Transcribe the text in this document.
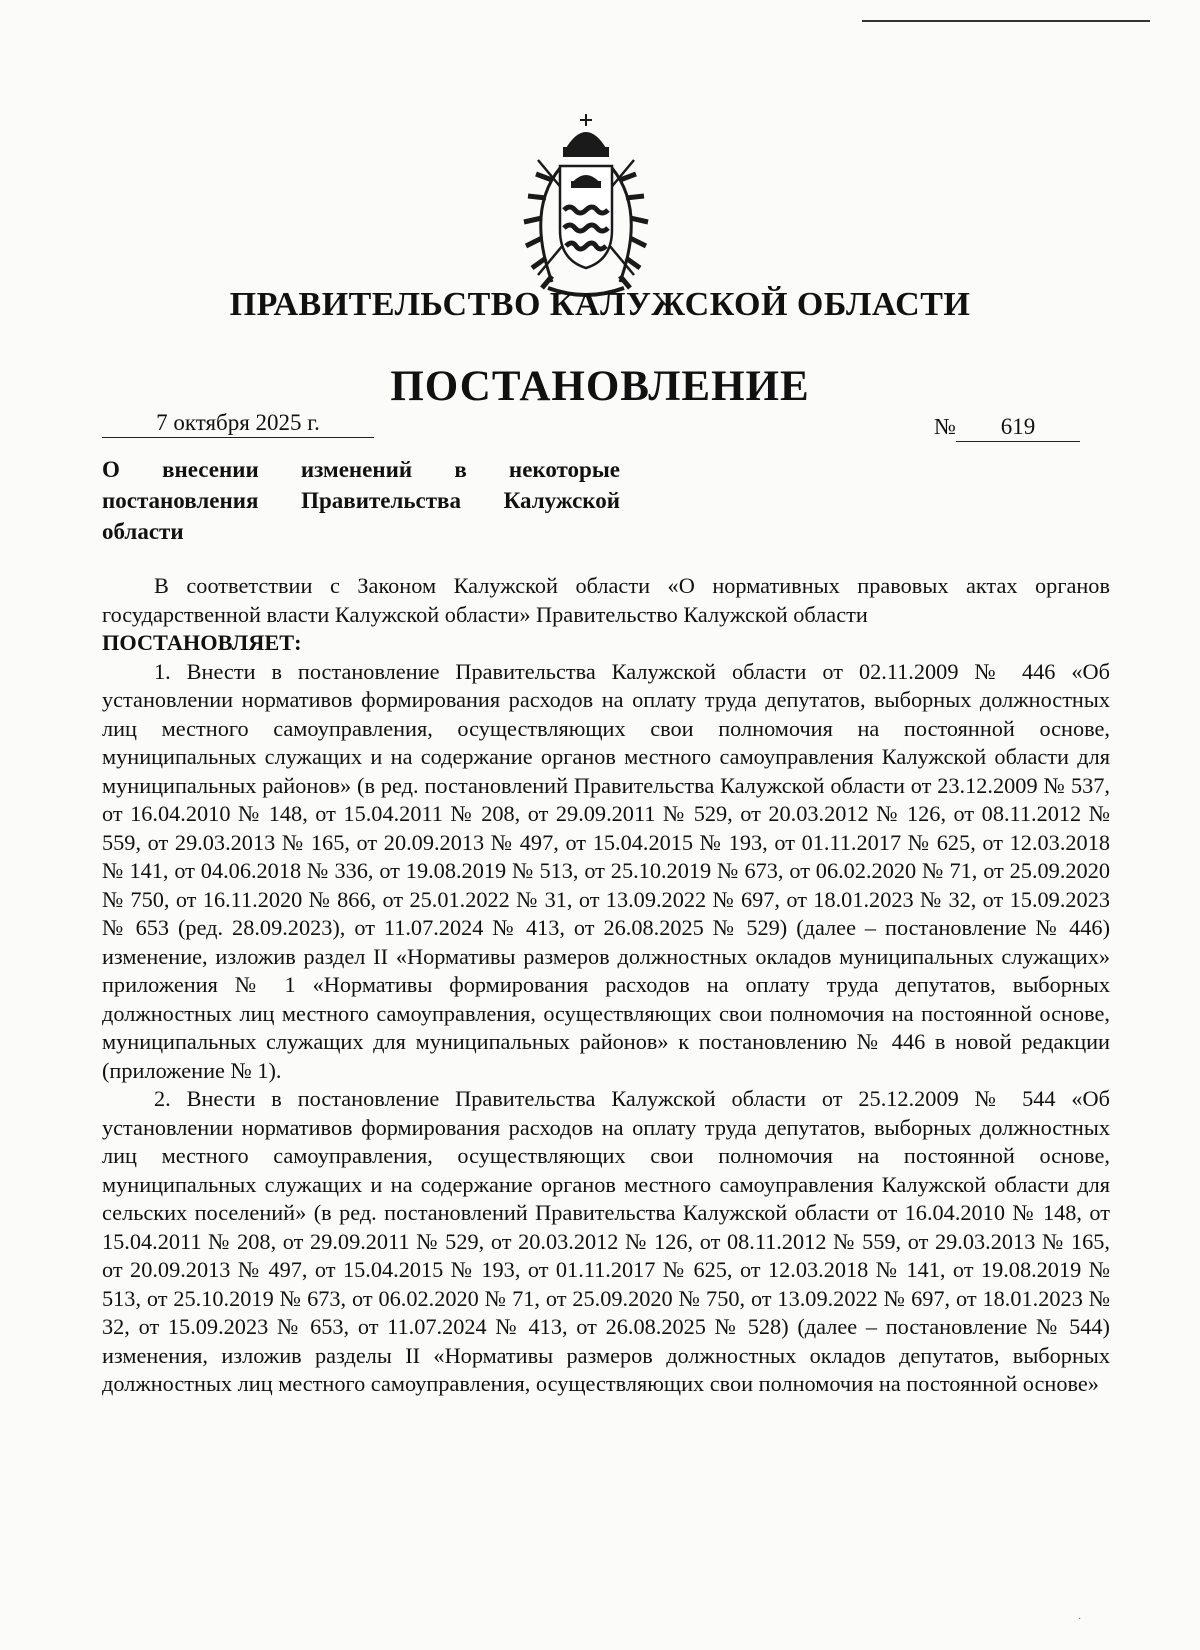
ПРАВИТЕЛЬСТВО КАЛУЖСКОЙ ОБЛАСТИ
ПОСТАНОВЛЕНИЕ
7 октября 2025 г.	№ 619
О внесении изменений в некоторые постановления Правительства Калужской области

В соответствии с Законом Калужской области «О нормативных правовых актах органов государственной власти Калужской области» Правительство Калужской области

ПОСТАНОВЛЯЕТ:

1. Внести в постановление Правительства Калужской области от 02.11.2009 № 446 «Об установлении нормативов формирования расходов на оплату труда депутатов, выборных должностных лиц местного самоуправления, осуществляющих свои полномочия на постоянной основе, муниципальных служащих и на содержание органов местного самоуправления Калужской области для муниципальных районов» (в ред. постановлений Правительства Калужской области от 23.12.2009 № 537, от 16.04.2010 № 148, от 15.04.2011 № 208, от 29.09.2011 № 529, от 20.03.2012 № 126, от 08.11.2012 № 559, от 29.03.2013 № 165, от 20.09.2013 № 497, от 15.04.2015 № 193, от 01.11.2017 № 625, от 12.03.2018 № 141, от 04.06.2018 № 336, от 19.08.2019 № 513, от 25.10.2019 № 673, от 06.02.2020 № 71, от 25.09.2020 № 750, от 16.11.2020 № 866, от 25.01.2022 № 31, от 13.09.2022 № 697, от 18.01.2023 № 32, от 15.09.2023 № 653 (ред. 28.09.2023), от 11.07.2024 № 413, от 26.08.2025 № 529) (далее – постановление № 446) изменение, изложив раздел II «Нормативы размеров должностных окладов муниципальных служащих» приложения № 1 «Нормативы формирования расходов на оплату труда депутатов, выборных должностных лиц местного самоуправления, осуществляющих свои полномочия на постоянной основе, муниципальных служащих для муниципальных районов» к постановлению № 446 в новой редакции (приложение № 1).

2. Внести в постановление Правительства Калужской области от 25.12.2009 № 544 «Об установлении нормативов формирования расходов на оплату труда депутатов, выборных должностных лиц местного самоуправления, осуществляющих свои полномочия на постоянной основе, муниципальных служащих и на содержание органов местного самоуправления Калужской области для сельских поселений» (в ред. постановлений Правительства Калужской области от 16.04.2010 № 148, от 15.04.2011 № 208, от 29.09.2011 № 529, от 20.03.2012 № 126, от 08.11.2012 № 559, от 29.03.2013 № 165, от 20.09.2013 № 497, от 15.04.2015 № 193, от 01.11.2017 № 625, от 12.03.2018 № 141, от 19.08.2019 № 513, от 25.10.2019 № 673, от 06.02.2020 № 71, от 25.09.2020 № 750, от 13.09.2022 № 697, от 18.01.2023 № 32, от 15.09.2023 № 653, от 11.07.2024 № 413, от 26.08.2025 № 528) (далее – постановление № 544) изменения, изложив разделы II «Нормативы размеров должностных окладов депутатов, выборных должностных лиц местного самоуправления, осуществляющих свои полномочия на постоянной основе»

·
